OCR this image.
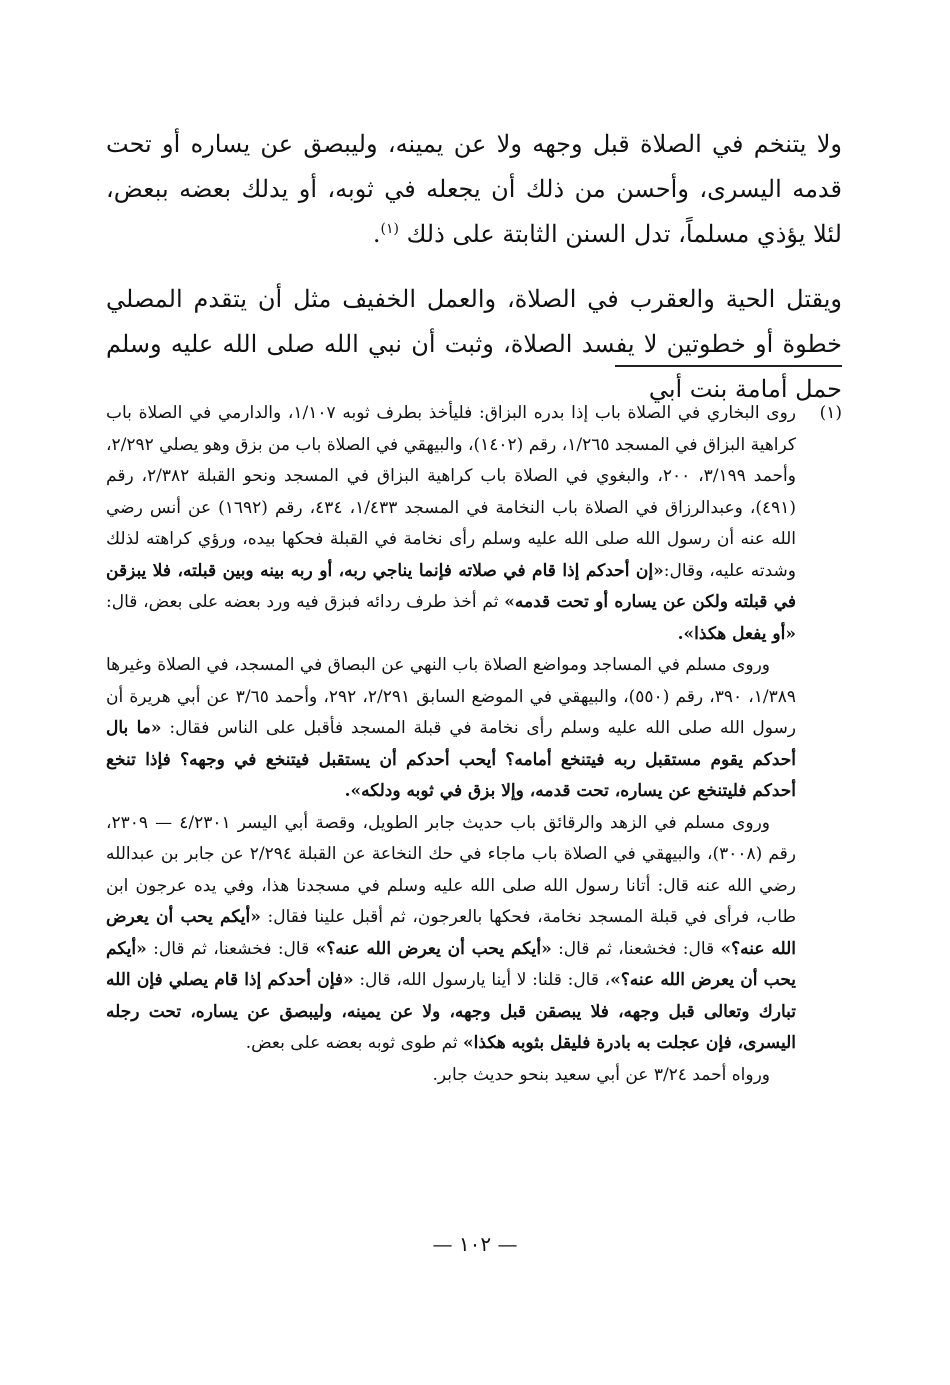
ولا يتنخم في الصلاة قبل وجهه ولا عن يمينه، وليبصق عن يساره أو تحت قدمه اليسرى، وأحسن من ذلك أن يجعله في ثوبه، أو يدلك بعضه ببعض، لئلا يؤذي مسلماً، تدل السنن الثابتة على ذلك $^{(١)}$.

ويقتل الحية والعقرب في الصلاة، والعمل الخفيف مثل أن يتقدم المصلي خطوة أو خطوتين لا يفسد الصلاة، وثبت أن نبي الله صلى الله عليه وسلم حمل أمامة بنت أبي

(١)

روى البخاري في الصلاة باب إذا بدره البزاق: فليأخذ بطرف ثوبه ١/١٠٧، والدارمي في الصلاة باب كراهية البزاق في المسجد ١/٢٦٥، رقم (١٤٠٢)، والبيهقي في الصلاة باب من بزق وهو يصلي ٢/٢٩٢، وأحمد ٣/١٩٩، ٢٠٠، والبغوي في الصلاة باب كراهية البزاق في المسجد ونحو القبلة ٢/٣٨٢، رقم (٤٩١)، وعبدالرزاق في الصلاة باب النخامة في المسجد ١/٤٣٣، ٤٣٤، رقم (١٦٩٢) عن أنس رضي الله عنه أن رسول الله صلى الله عليه وسلم رأى نخامة في القبلة فحكها بيده، ورؤي كراهته لذلك وشدته عليه، وقال:«إن أحدكم إذا قام في صلاته فإنما يناجي ربه، أو ربه بينه وبين قبلته، فلا يبزقن في قبلته ولكن عن يساره أو تحت قدمه» ثم أخذ طرف ردائه فبزق فيه ورد بعضه على بعض، قال: «أو يفعل هكذا».

وروى مسلم في المساجد ومواضع الصلاة باب النهي عن البصاق في المسجد، في الصلاة وغيرها ١/٣٨٩، ٣٩٠، رقم (٥٥٠)، والبيهقي في الموضع السابق ٢/٢٩١، ٢٩٢، وأحمد ٣/٦٥ عن أبي هريرة أن رسول الله صلى الله عليه وسلم رأى نخامة في قبلة المسجد فأقبل على الناس فقال: «ما بال أحدكم يقوم مستقبل ربه فيتنخع أمامه؟ أيحب أحدكم أن يستقبل فيتنخع في وجهه؟ فإذا تنخع أحدكم فليتنخع عن يساره، تحت قدمه، وإلا بزق في ثوبه ودلكه».

وروى مسلم في الزهد والرقائق باب حديث جابر الطويل، وقصة أبي اليسر ٤/٢٣٠١ — ٢٣٠٩، رقم (٣٠٠٨)، والبيهقي في الصلاة باب ماجاء في حك النخاعة عن القبلة ٢/٢٩٤ عن جابر بن عبدالله رضي الله عنه قال: أتانا رسول الله صلى الله عليه وسلم في مسجدنا هذا، وفي يده عرجون ابن طاب، فرأى في قبلة المسجد نخامة، فحكها بالعرجون، ثم أقبل علينا فقال: «أيكم يحب أن يعرض الله عنه؟» قال: فخشعنا، ثم قال: «أيكم يحب أن يعرض الله عنه؟» قال: فخشعنا، ثم قال: «أيكم يحب أن يعرض الله عنه؟»، قال: قلنا: لا أينا يارسول الله، قال: «فإن أحدكم إذا قام يصلي فإن الله تبارك وتعالى قبل وجهه، فلا يبصقن قبل وجهه، ولا عن يمينه، وليبصق عن يساره، تحت رجله اليسرى، فإن عجلت به بادرة فليقل بثوبه هكذا» ثم طوى ثوبه بعضه على بعض.

ورواه أحمد ٣/٢٤ عن أبي سعيد بنحو حديث جابر.

— ١٠٢ —
